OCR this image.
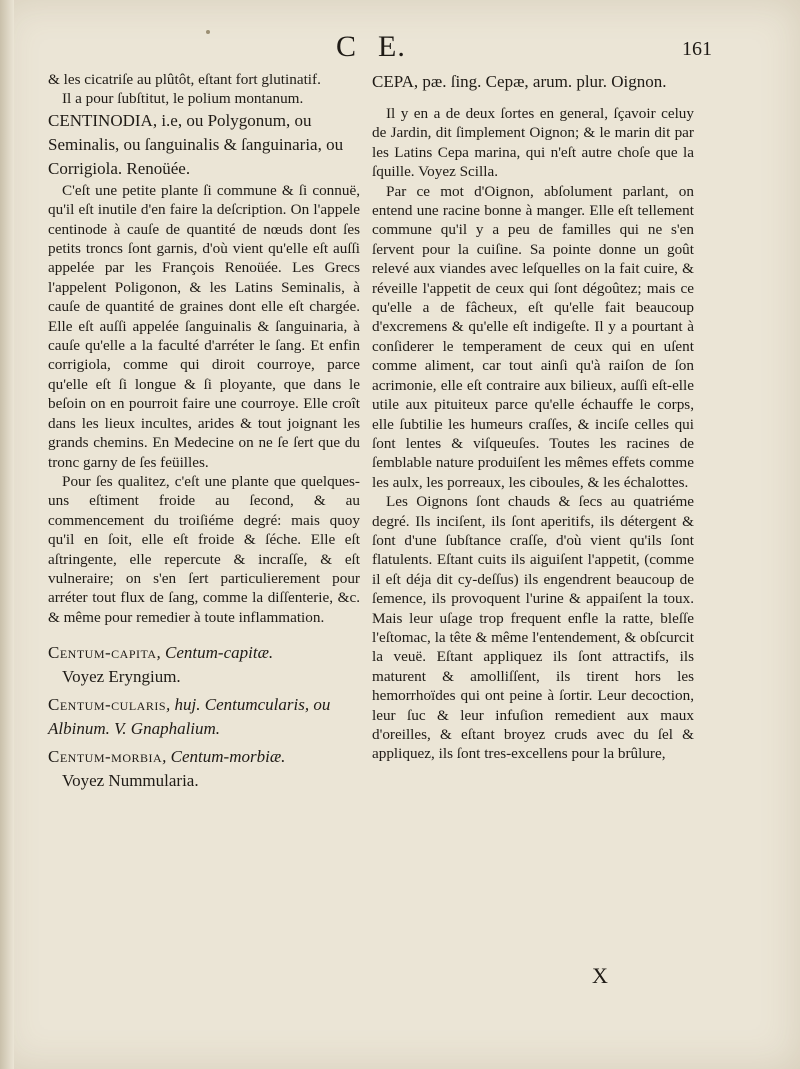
C E.	161

& les cicatriſe au plûtôt, eſtant fort glutinatif.

Il a pour ſubſtitut, le polium montanum.

CENTINODIA, i.e, ou Polygonum, ou Seminalis, ou ſanguinalis & ſanguinaria, ou Corrigiola. Renoüée.

C'eſt une petite plante ſi commune & ſi connuë, qu'il eſt inutile d'en faire la deſcription. On l'appele centinode à cauſe de quantité de nœuds dont ſes petits troncs ſont garnis, d'où vient qu'elle eſt auſſi appelée par les François Renoüée. Les Grecs l'appelent Poligonon, & les Latins Seminalis, à cauſe de quantité de graines dont elle eſt chargée. Elle eſt auſſi appelée ſanguinalis & ſanguinaria, à cauſe qu'elle a la faculté d'arréter le ſang. Et enfin corrigiola, comme qui diroit courroye, parce qu'elle eſt ſi longue & ſi ployante, que dans le beſoin on en pourroit faire une courroye. Elle croît dans les lieux incultes, arides & tout joignant les grands chemins. En Medecine on ne ſe ſert que du tronc garny de ſes feüilles.

Pour ſes qualitez, c'eſt une plante que quelques-uns eſtiment froide au ſecond, & au commencement du troiſiéme degré: mais quoy qu'il en ſoit, elle eſt froide & ſéche. Elle eſt aſtringente, elle repercute & incraſſe, & eſt vulneraire; on s'en ſert particulierement pour arréter tout flux de ſang, comme la diſſenterie, &c. & même pour remedier à toute inflammation.

Centum-capita, Centum-capitæ.
Voyez Eryngium.
Centum-cularis, huj. Centumcularis, ou Albinum. V. Gnaphalium.
Centum-morbia, Centum-morbiæ.
Voyez Nummularia.

CEPA, pæ. ſing. Cepæ, arum. plur. Oignon.

Il y en a de deux ſortes en general, ſçavoir celuy de Jardin, dit ſimplement Oignon; & le marin dit par les Latins Cepa marina, qui n'eſt autre choſe que la ſquille. Voyez Scilla.

Par ce mot d'Oignon, abſolument parlant, on entend une racine bonne à manger. Elle eſt tellement commune qu'il y a peu de familles qui ne s'en ſervent pour la cuiſine. Sa pointe donne un goût relevé aux viandes avec leſquelles on la fait cuire, & réveille l'appetit de ceux qui ſont dégoûtez; mais ce qu'elle a de fâcheux, eſt qu'elle fait beaucoup d'excremens & qu'elle eſt indigeſte. Il y a pourtant à conſiderer le temperament de ceux qui en uſent comme aliment, car tout ainſi qu'à raiſon de ſon acrimonie, elle eſt contraire aux bilieux, auſſi eſt-elle utile aux pituiteux parce qu'elle échauffe le corps, elle ſubtilie les humeurs craſſes, & inciſe celles qui ſont lentes & viſqueuſes. Toutes les racines de ſemblable nature produiſent les mêmes effets comme les aulx, les porreaux, les ciboules, & les échalottes.

Les Oignons ſont chauds & ſecs au quatriéme degré. Ils inciſent, ils ſont aperitifs, ils détergent & ſont d'une ſubſtance craſſe, d'où vient qu'ils ſont flatulents. Eſtant cuits ils aiguiſent l'appetit, (comme il eſt déja dit cy-deſſus) ils engendrent beaucoup de ſemence, ils provoquent l'urine & appaiſent la toux. Mais leur uſage trop frequent enfle la ratte, bleſſe l'eſtomac, la tête & même l'entendement, & obſcurcit la veuë. Eſtant appliquez ils ſont attractifs, ils maturent & amolliſſent, ils tirent hors les hemorrhoïdes qui ont peine à ſortir. Leur decoction, leur ſuc & leur infuſion remedient aux maux d'oreilles, & eſtant broyez cruds avec du ſel & appliquez, ils ſont tres-excellens pour la brûlure,

X
